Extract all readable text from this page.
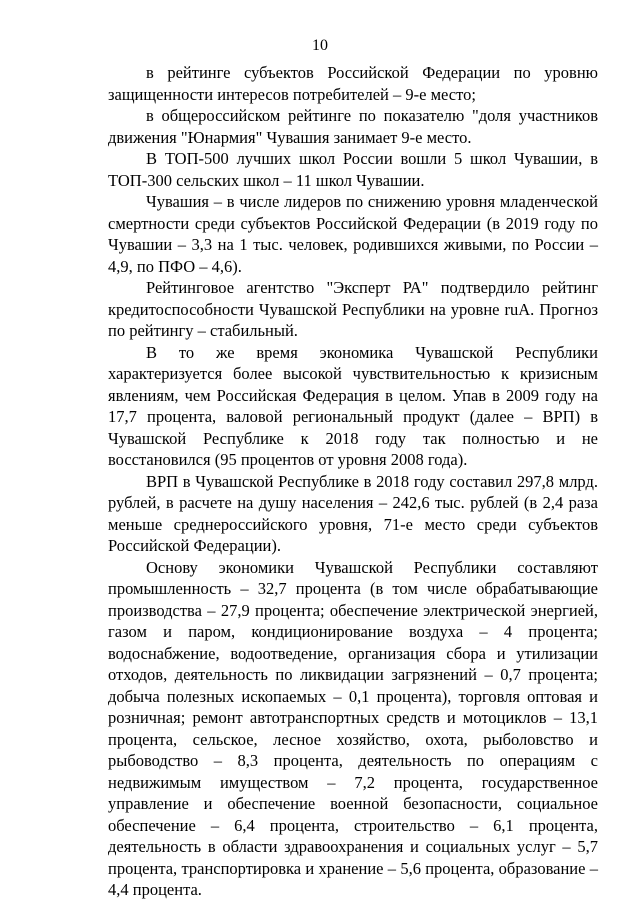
10

в рейтинге субъектов Российской Федерации по уровню защищенности интересов потребителей – 9-е место;

в общероссийском рейтинге по показателю "доля участников движения "Юнармия" Чувашия занимает 9-е место.

В ТОП-500 лучших школ России вошли 5 школ Чувашии, в ТОП-300 сельских школ – 11 школ Чувашии.

Чувашия – в числе лидеров по снижению уровня младенческой смертности среди субъектов Российской Федерации (в 2019 году по Чувашии – 3,3 на 1 тыс. человек, родившихся живыми, по России – 4,9, по ПФО – 4,6).

Рейтинговое агентство "Эксперт РА" подтвердило рейтинг кредитоспособности Чувашской Республики на уровне ruA. Прогноз по рейтингу – стабильный.

В то же время экономика Чувашской Республики характеризуется более высокой чувствительностью к кризисным явлениям, чем Российская Федерация в целом. Упав в 2009 году на 17,7 процента, валовой региональный продукт (далее – ВРП) в Чувашской Республике к 2018 году так полностью и не восстановился (95 процентов от уровня 2008 года).

ВРП в Чувашской Республике в 2018 году составил 297,8 млрд. рублей, в расчете на душу населения – 242,6 тыс. рублей (в 2,4 раза меньше среднероссийского уровня, 71-е место среди субъектов Российской Федерации).

Основу экономики Чувашской Республики составляют промышленность – 32,7 процента (в том числе обрабатывающие производства – 27,9 процента; обеспечение электрической энергией, газом и паром, кондиционирование воздуха – 4 процента; водоснабжение, водоотведение, организация сбора и утилизации отходов, деятельность по ликвидации загрязнений – 0,7 процента; добыча полезных ископаемых – 0,1 процента), торговля оптовая и розничная; ремонт автотранспортных средств и мотоциклов – 13,1 процента, сельское, лесное хозяйство, охота, рыболовство и рыбоводство – 8,3 процента, деятельность по операциям с недвижимым имуществом – 7,2 процента, государственное управление и обеспечение военной безопасности, социальное обеспечение – 6,4 процента, строительство – 6,1 процента, деятельность в области здравоохранения и социальных услуг – 5,7 процента, транспортировка и хранение – 5,6 процента, образование – 4,4 процента.
